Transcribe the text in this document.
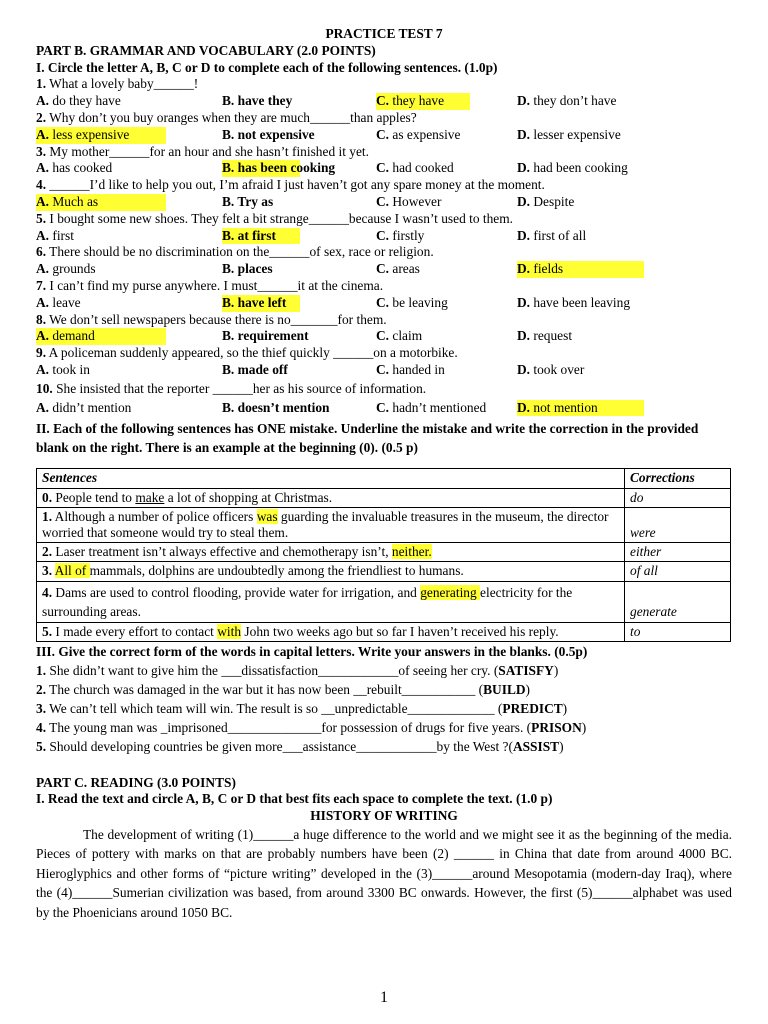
PRACTICE TEST 7
PART B. GRAMMAR AND VOCABULARY (2.0 POINTS)
I. Circle the letter A, B, C or D to complete each of the following sentences. (1.0p)
1. What a lovely baby______!
A. do they have	B. have they	C. they have	D. they don’t have
2. Why don’t you buy oranges when they are much______than apples?
A. less expensive	B. not expensive	C. as expensive	D. lesser expensive
3. My mother______for an hour and she hasn’t finished it yet.
A. has cooked	B. has been cooking	C. had cooked	D. had been cooking
4. ______I’d like to help you out, I’m afraid I just haven’t got any spare money at the moment.
A. Much as	B. Try as	C. However	D. Despite
5. I bought some new shoes. They felt a bit strange______because I wasn’t used to them.
A. first	B. at first	C. firstly	D. first of all
6. There should be no discrimination on the______of sex, race or religion.
A. grounds	B. places	C. areas	D. fields
7. I can’t find my purse anywhere. I must______it at the cinema.
A. leave	B. have left	C. be leaving	D. have been leaving
8. We don’t sell newspapers because there is no_______for them.
A. demand	B. requirement	C. claim	D. request
9. A policeman suddenly appeared, so the thief quickly ______on a motorbike.
A. took in	B. made off	C. handed in	D. took over
10. She insisted that the reporter ______her as his source of information.
A. didn’t mention	B. doesn’t mention	C. hadn’t mentioned D. not mention
II. Each of the following sentences has ONE mistake. Underline the mistake and write the correction in the provided blank on the right. There is an example at the beginning (0). (0.5 p)
Sentences	Corrections
0. People tend to make a lot of shopping at Christmas.	do
1. Although a number of police officers was guarding the invaluable treasures in the museum, the director worried that someone would try to steal them.	were
2. Laser treatment isn’t always effective and chemotherapy isn’t, neither.	either
3. All of mammals, dolphins are undoubtedly among the friendliest to humans.	of all
4. Dams are used to control flooding, provide water for irrigation, and generating electricity for the surrounding areas.	generate
5. I made every effort to contact with John two weeks ago but so far I haven’t received his reply.	to
III. Give the correct form of the words in capital letters. Write your answers in the blanks. (0.5p)
1. She didn’t want to give him the ___dissatisfaction____________of seeing her cry. (SATISFY)
2. The church was damaged in the war but it has now been __rebuilt___________ (BUILD)
3. We can’t tell which team will win. The result is so __unpredictable_____________ (PREDICT)
4. The young man was _imprisoned______________for possession of drugs for five years. (PRISON)
5. Should developing countries be given more___assistance____________by the West ?(ASSIST)
PART C. READING (3.0 POINTS)
I. Read the text and circle A, B, C or D that best fits each space to complete the text. (1.0 p)
HISTORY OF WRITING
The development of writing (1)______a huge difference to the world and we might see it as the beginning of the media. Pieces of pottery with marks on that are probably numbers have been (2) ______ in China that date from around 4000 BC. Hieroglyphics and other forms of “picture writing” developed in the (3)______around Mesopotamia (modern-day Iraq), where the (4)______Sumerian civilization was based, from around 3300 BC onwards. However, the first (5)______alphabet was used by the Phoenicians around 1050 BC.
1
